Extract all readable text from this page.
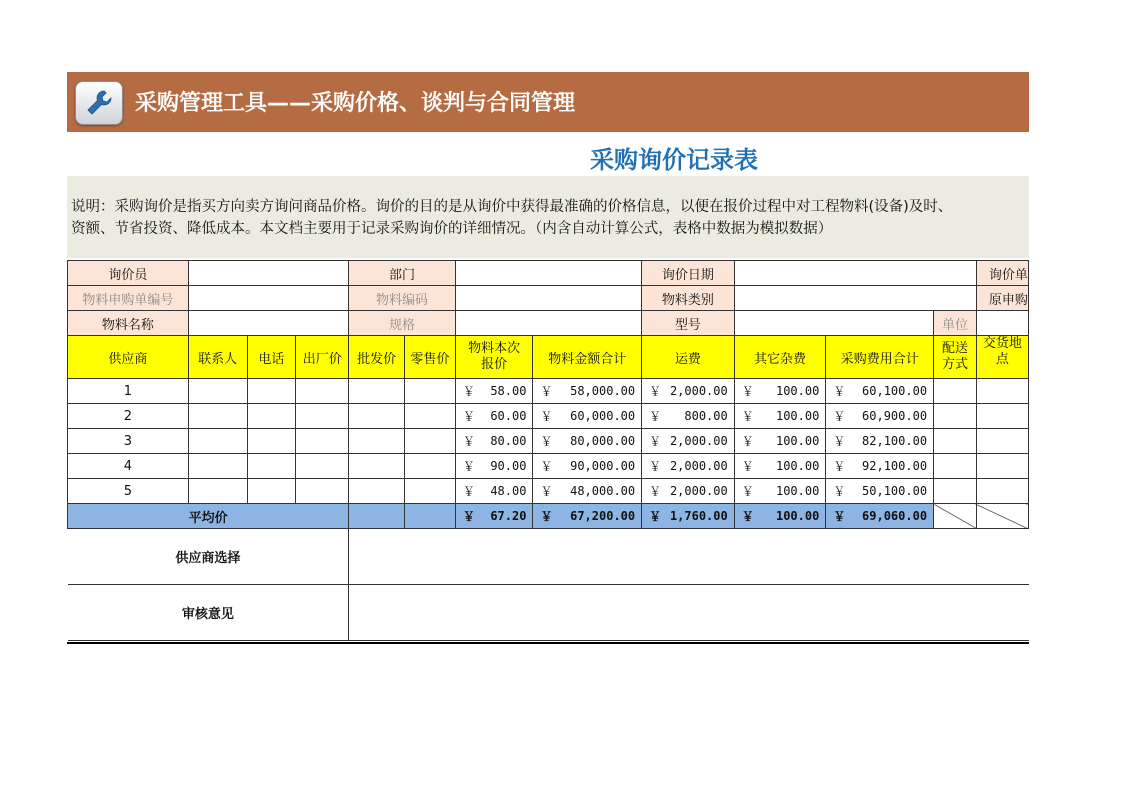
采购管理工具——采购价格、谈判与合同管理
采购询价记录表
说明：采购询价是指买方向卖方询问商品价格。询价的目的是从询价中获得最准确的价格信息，以便在报价过程中对工程物料(设备)及时、
资额、节省投资、降低成本。本文档主要用于记录采购询价的详细情况。（内含自动计算公式，表格中数据为模拟数据）
询价员				部门				询价日期				询价单
物料申购单编号				物料编码				物料类别				原申购
物料名称				规格				型号			单位	
供应商	联系人	电话	出厂价	批发价	零售价	物料本次报价	物料金额合计	运费	其它杂费	采购费用合计	配送方式	交货地点
1						￥ 58.00	￥ 58,000.00	￥ 2,000.00	￥ 100.00	￥ 60,100.00		

2						￥ 60.00	￥ 60,000.00	￥ 800.00	￥ 100.00	￥ 60,900.00		

3						￥ 80.00	￥ 80,000.00	￥ 2,000.00	￥ 100.00	￥ 82,100.00		

4						￥ 90.00	￥ 90,000.00	￥ 2,000.00	￥ 100.00	￥ 92,100.00		

5						￥ 48.00	￥ 48,000.00	￥ 2,000.00	￥ 100.00	￥ 50,100.00		

平均价						￥ 67.20	￥ 67,200.00	￥ 1,760.00	￥ 100.00	￥ 69,060.00		

供应商选择												
审核意见												
